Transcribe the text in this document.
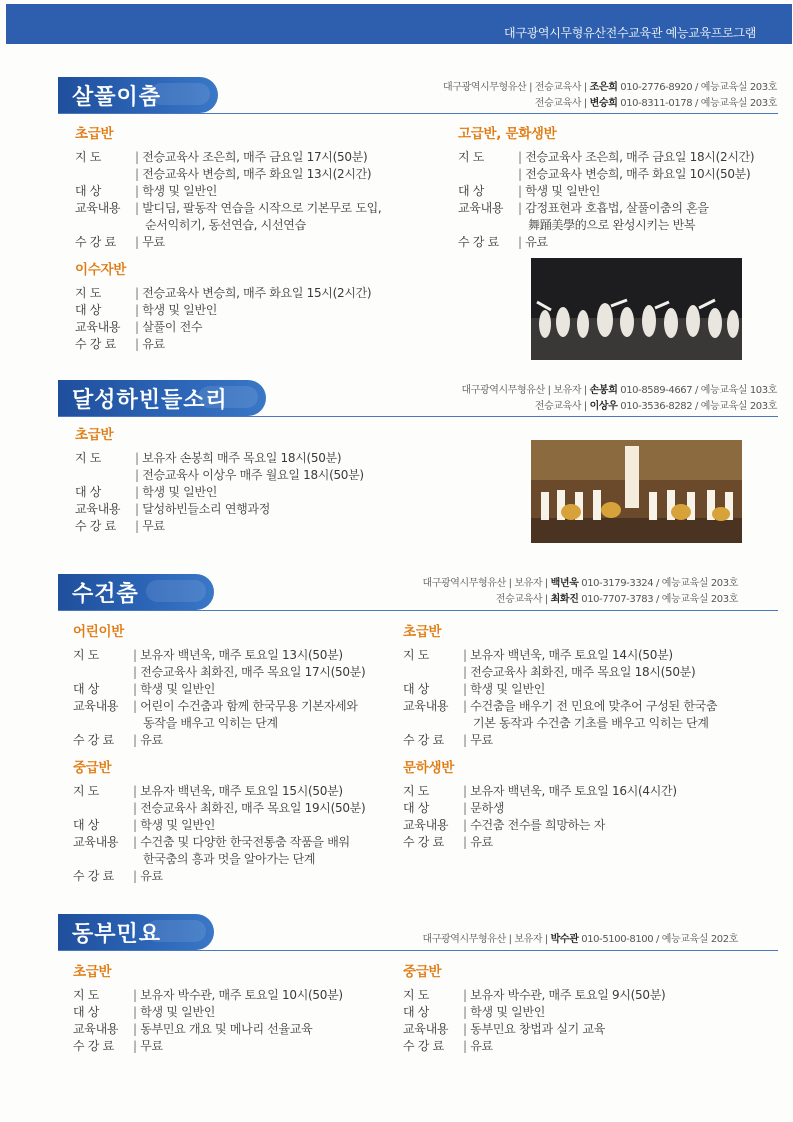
대구광역시무형유산전수교육관 예능교육프로그램
살풀이춤	대구광역시무형유산 | 전승교육사 | 조은희 010-2776-8920 / 예능교육실 203호
전승교육사 | 변승희 010-8311-0178 / 예능교육실 203호
초급반
지 도	| 전승교육사 조은희, 매주 금요일 17시(50분)
| 전승교육사 변승희, 매주 화요일 13시(2시간)
대 상	| 학생 및 일반인
교육내용	| 발디딤, 팔동작 연습을 시작으로 기본무로 도입,
순서익히기, 동선연습, 시선연습
수 강 료	| 무료
이수자반
지 도	| 전승교육사 변승희, 매주 화요일 15시(2시간)
대 상	| 학생 및 일반인
교육내용	| 살풀이 전수
수 강 료	| 유료
고급반, 문화생반
지 도	| 전승교육사 조은희, 매주 금요일 18시(2시간)
| 전승교육사 변승희, 매주 화요일 10시(50분)
대 상	| 학생 및 일반인
교육내용	| 감정표현과 호흡법, 살풀이춤의 혼을
舞踊美學的으로 완성시키는 반복
수 강 료	| 유료
달성하빈들소리	대구광역시무형유산 | 보유자 | 손봉희 010-8589-4667 / 예능교육실 103호
전승교육사 | 이상우 010-3536-8282 / 예능교육실 203호
초급반
지 도	| 보유자 손봉희 매주 목요일 18시(50분)
| 전승교육사 이상우 매주 월요일 18시(50분)
대 상	| 학생 및 일반인
교육내용	| 달성하빈들소리 연행과정
수 강 료	| 무료
수건춤	대구광역시무형유산 | 보유자 | 백년욱 010-3179-3324 / 예능교육실 203호
전승교육사 | 최화진 010-7707-3783 / 예능교육실 203호
어린이반
지 도	| 보유자 백년욱, 매주 토요일 13시(50분)
| 전승교육사 최화진, 매주 목요일 17시(50분)
대 상	| 학생 및 일반인
교육내용	| 어린이 수건춤과 함께 한국무용 기본자세와
동작을 배우고 익히는 단계
수 강 료	| 유료
중급반
지 도	| 보유자 백년욱, 매주 토요일 15시(50분)
| 전승교육사 최화진, 매주 목요일 19시(50분)
대 상	| 학생 및 일반인
교육내용	| 수건춤 및 다양한 한국전통춤 작품을 배워
한국춤의 흥과 멋을 알아가는 단계
수 강 료	| 유료
초급반
지 도	| 보유자 백년욱, 매주 토요일 14시(50분)
| 전승교육사 최화진, 매주 목요일 18시(50분)
대 상	| 학생 및 일반인
교육내용	| 수건춤을 배우기 전 민요에 맞추어 구성된 한국춤
기본 동작과 수건춤 기초를 배우고 익히는 단계
수 강 료	| 무료
문하생반
지 도	| 보유자 백년욱, 매주 토요일 16시(4시간)
대 상	| 문하생
교육내용	| 수건춤 전수를 희망하는 자
수 강 료	| 유료
동부민요	대구광역시무형유산 | 보유자 | 박수관 010-5100-8100 / 예능교육실 202호
초급반
지 도	| 보유자 박수관, 매주 토요일 10시(50분)
대 상	| 학생 및 일반인
교육내용	| 동부민요 개요 및 메나리 선율교육
수 강 료	| 무료
중급반
지 도	| 보유자 박수관, 매주 토요일 9시(50분)
대 상	| 학생 및 일반인
교육내용	| 동부민요 창법과 실기 교육
수 강 료	| 유료
